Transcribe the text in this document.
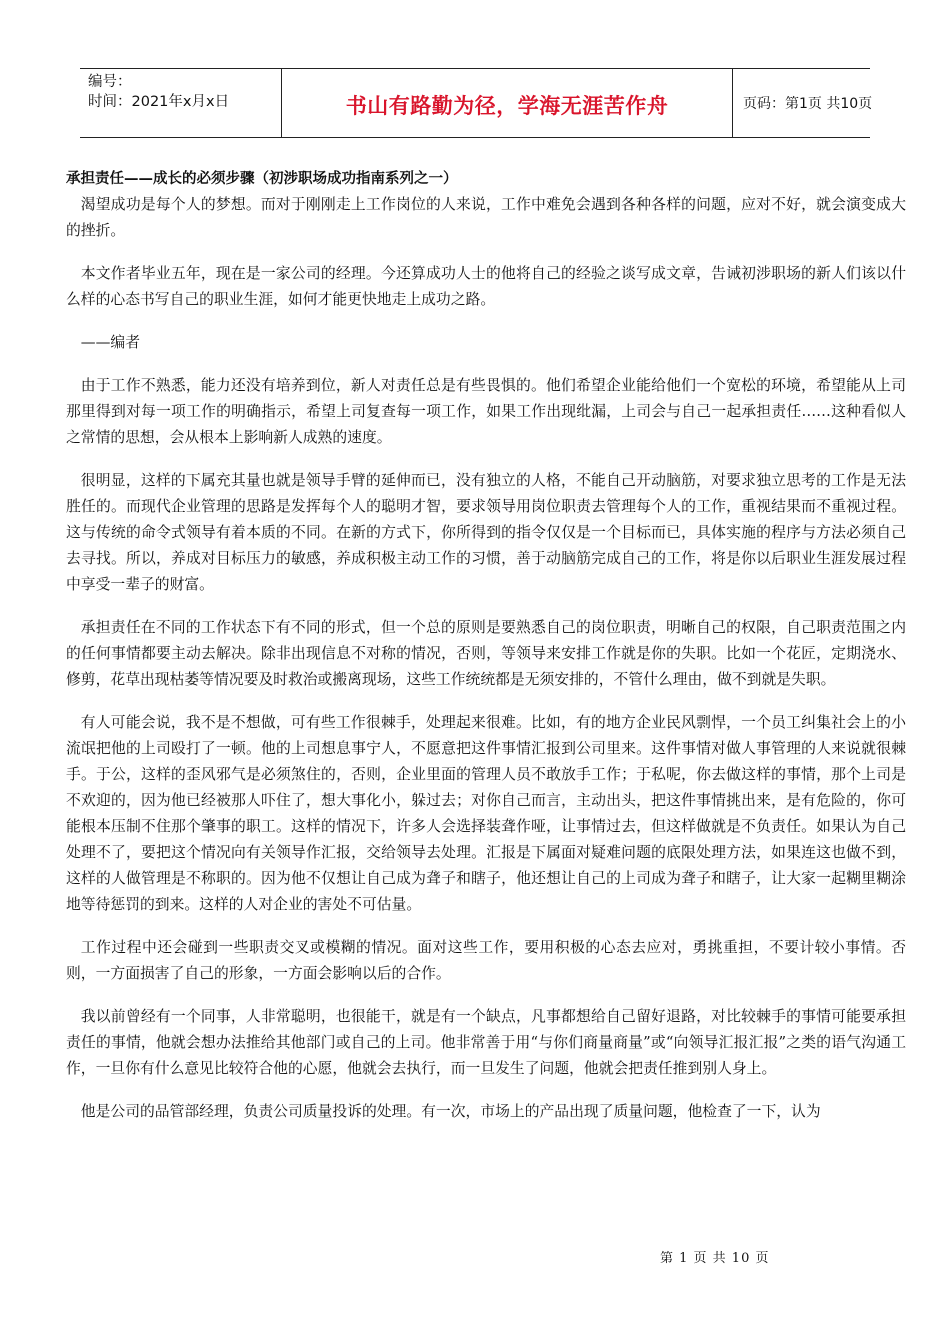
编号：
时间：2021年x月x日	书山有路勤为径，学海无涯苦作舟	页码：第1页 共10页

承担责任——成长的必须步骤（初涉职场成功指南系列之一）

渴望成功是每个人的梦想。而对于刚刚走上工作岗位的人来说，工作中难免会遇到各种各样的问题，应对不好，就会演变成大的挫折。

本文作者毕业五年，现在是一家公司的经理。今还算成功人士的他将自己的经验之谈写成文章，告诫初涉职场的新人们该以什么样的心态书写自己的职业生涯，如何才能更快地走上成功之路。

——编者

由于工作不熟悉，能力还没有培养到位，新人对责任总是有些畏惧的。他们希望企业能给他们一个宽松的环境，希望能从上司那里得到对每一项工作的明确指示，希望上司复查每一项工作，如果工作出现纰漏，上司会与自己一起承担责任……这种看似人之常情的思想，会从根本上影响新人成熟的速度。

很明显，这样的下属充其量也就是领导手臂的延伸而已，没有独立的人格，不能自己开动脑筋，对要求独立思考的工作是无法胜任的。而现代企业管理的思路是发挥每个人的聪明才智，要求领导用岗位职责去管理每个人的工作，重视结果而不重视过程。这与传统的命令式领导有着本质的不同。在新的方式下，你所得到的指令仅仅是一个目标而已，具体实施的程序与方法必须自己去寻找。所以，养成对目标压力的敏感，养成积极主动工作的习惯，善于动脑筋完成自己的工作，将是你以后职业生涯发展过程中享受一辈子的财富。

承担责任在不同的工作状态下有不同的形式，但一个总的原则是要熟悉自己的岗位职责，明晰自己的权限，自己职责范围之内的任何事情都要主动去解决。除非出现信息不对称的情况，否则，等领导来安排工作就是你的失职。比如一个花匠，定期浇水、修剪，花草出现枯萎等情况要及时救治或搬离现场，这些工作统统都是无须安排的，不管什么理由，做不到就是失职。

有人可能会说，我不是不想做，可有些工作很棘手，处理起来很难。比如，有的地方企业民风剽悍，一个员工纠集社会上的小流氓把他的上司殴打了一顿。他的上司想息事宁人，不愿意把这件事情汇报到公司里来。这件事情对做人事管理的人来说就很棘手。于公，这样的歪风邪气是必须煞住的，否则，企业里面的管理人员不敢放手工作；于私呢，你去做这样的事情，那个上司是不欢迎的，因为他已经被那人吓住了，想大事化小，躲过去；对你自己而言，主动出头，把这件事情挑出来，是有危险的，你可能根本压制不住那个肇事的职工。这样的情况下，许多人会选择装聋作哑，让事情过去，但这样做就是不负责任。如果认为自己处理不了，要把这个情况向有关领导作汇报，交给领导去处理。汇报是下属面对疑难问题的底限处理方法，如果连这也做不到，这样的人做管理是不称职的。因为他不仅想让自己成为聋子和瞎子，他还想让自己的上司成为聋子和瞎子，让大家一起糊里糊涂地等待惩罚的到来。这样的人对企业的害处不可估量。

工作过程中还会碰到一些职责交叉或模糊的情况。面对这些工作，要用积极的心态去应对，勇挑重担，不要计较小事情。否则，一方面损害了自己的形象，一方面会影响以后的合作。

我以前曾经有一个同事，人非常聪明，也很能干，就是有一个缺点，凡事都想给自己留好退路，对比较棘手的事情可能要承担责任的事情，他就会想办法推给其他部门或自己的上司。他非常善于用“与你们商量商量”或“向领导汇报汇报”之类的语气沟通工作，一旦你有什么意见比较符合他的心愿，他就会去执行，而一旦发生了问题，他就会把责任推到别人身上。

他是公司的品管部经理，负责公司质量投诉的处理。有一次，市场上的产品出现了质量问题，他检查了一下，认为

第 1 页 共 10 页
